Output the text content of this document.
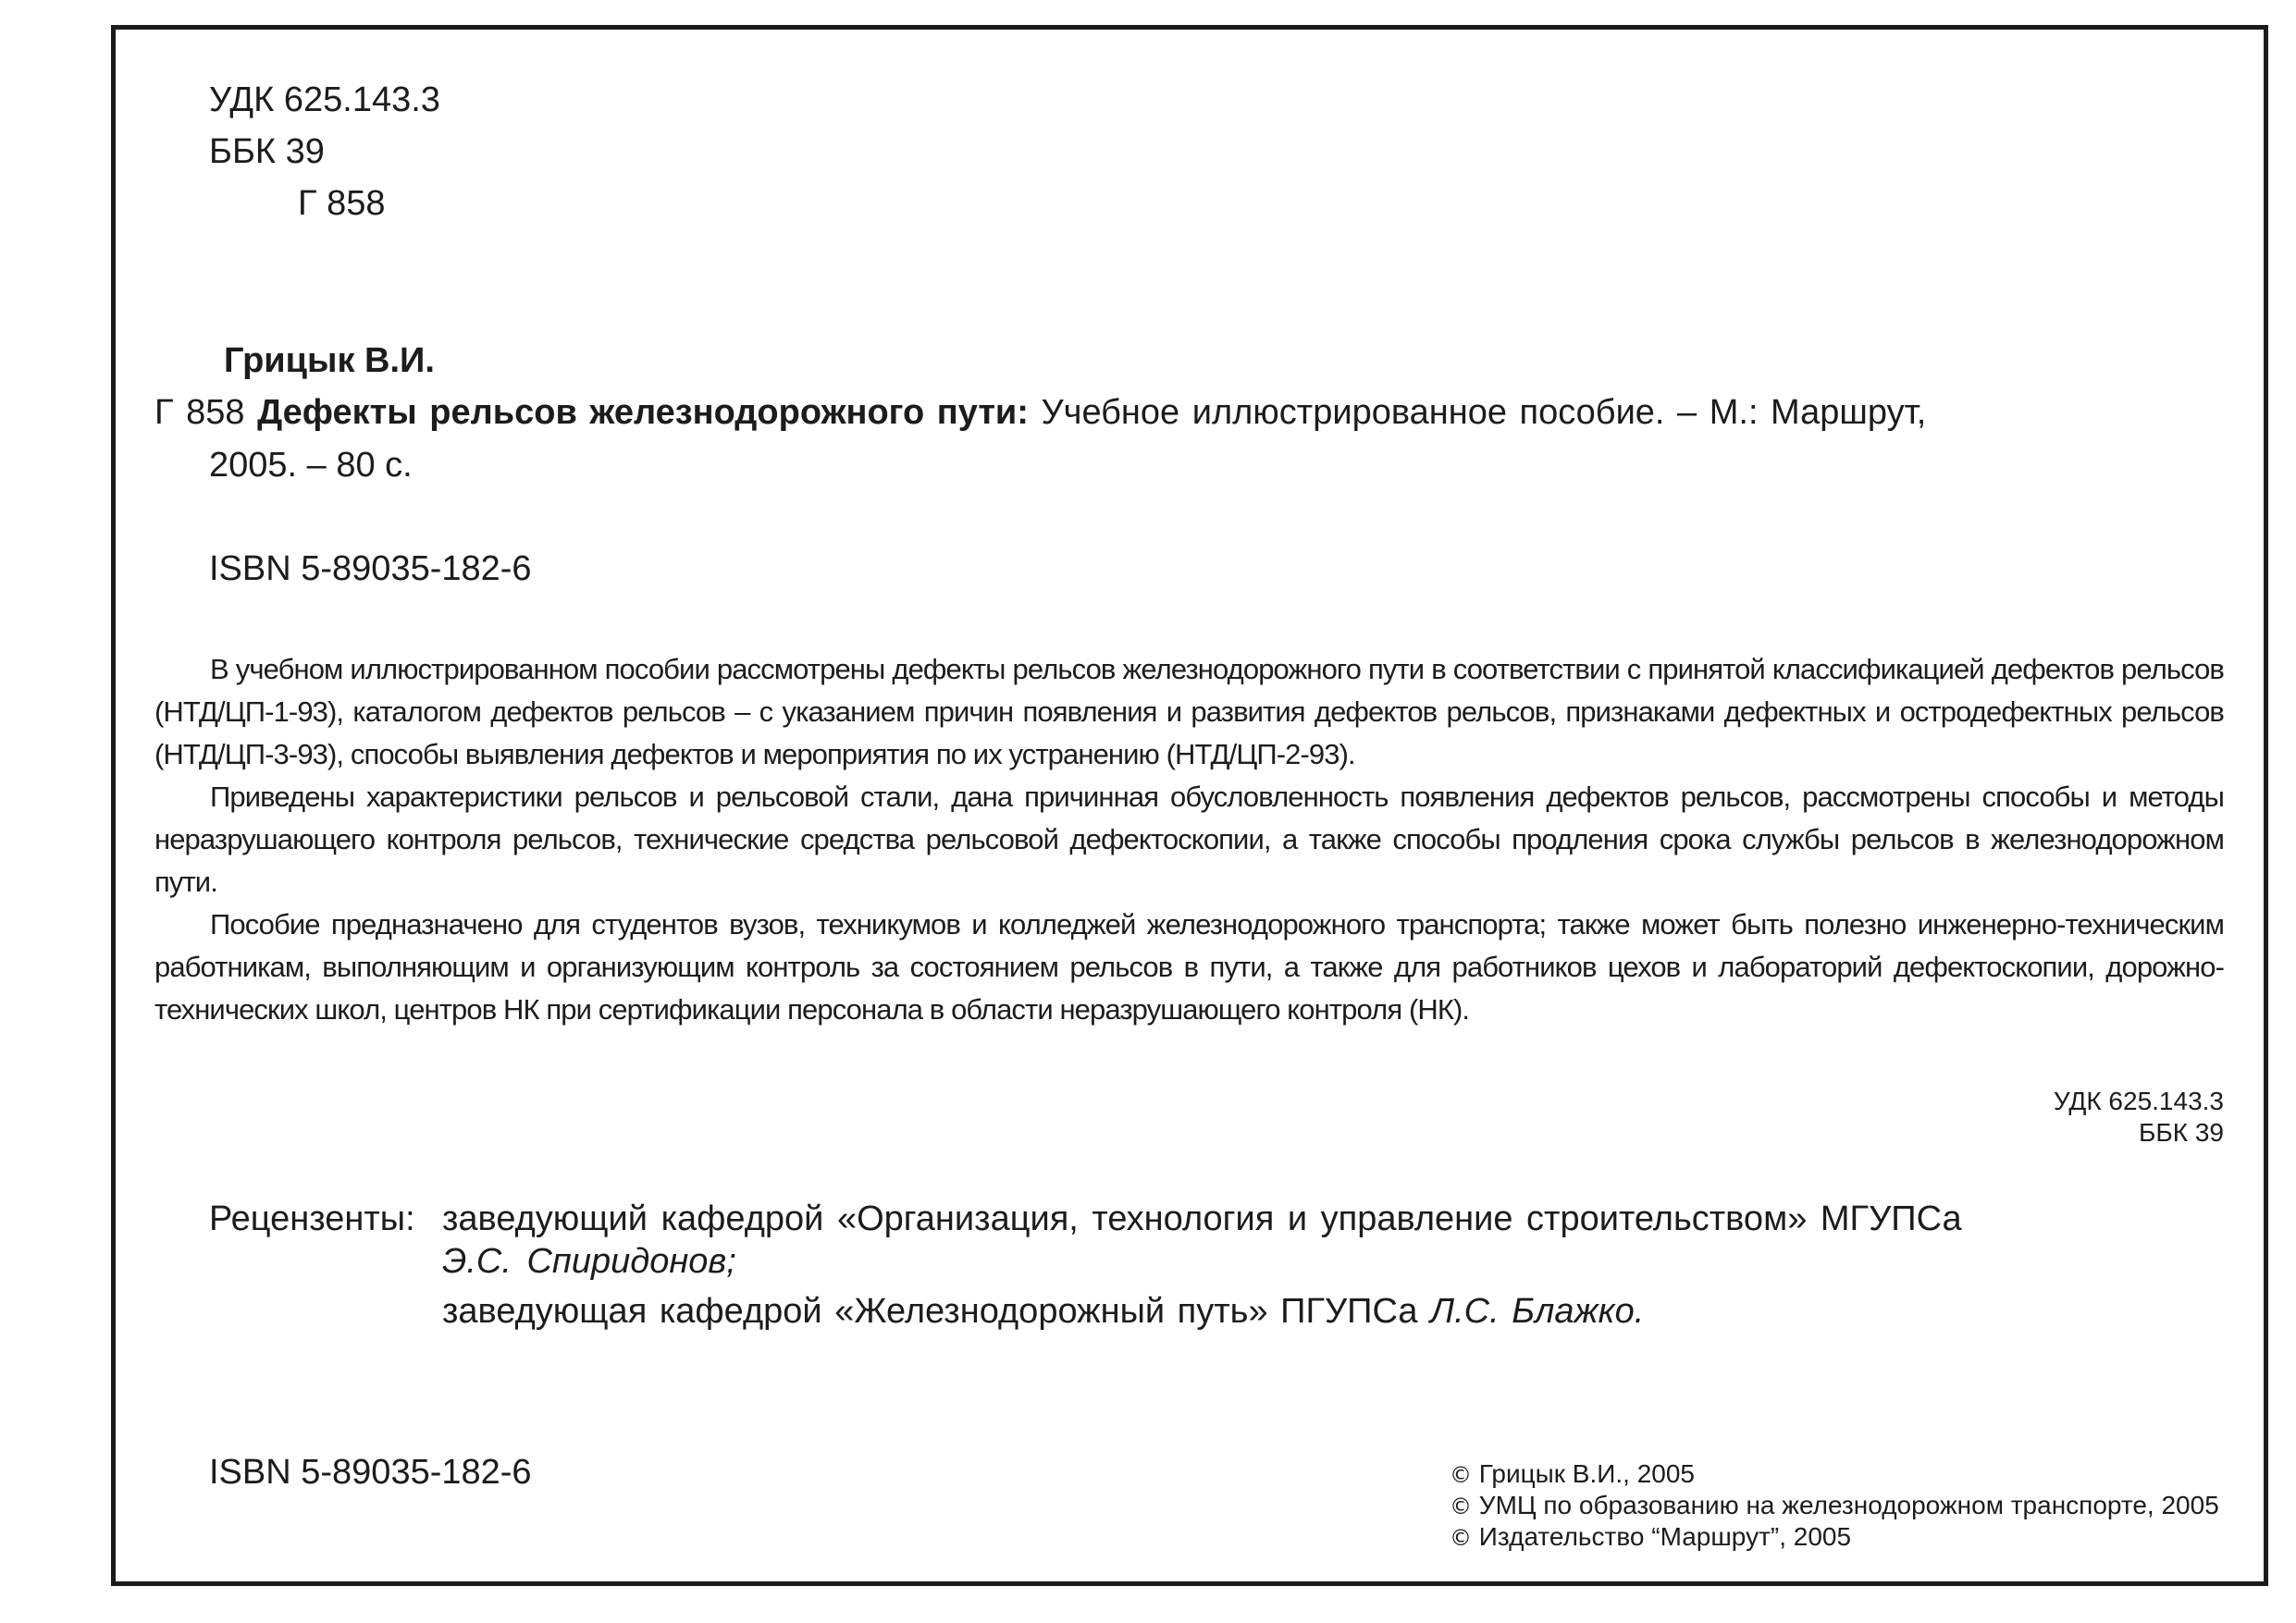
УДК 625.143.3
ББК 39
Г 858
Грицык В.И.
Г 858 Дефекты рельсов железнодорожного пути: Учебное иллюстрированное пособие. – М.: Маршрут,
2005. – 80 с.
ISBN 5-89035-182-6

В учебном иллюстрированном пособии рассмотрены дефекты рельсов железнодорожного пути в соответствии с принятой классификацией дефектов рельсов (НТД/ЦП-1-93), каталогом дефектов рельсов – с указанием причин появления и развития дефектов рельсов, признаками дефектных и остродефектных рельсов (НТД/ЦП-3-93), способы выявления дефектов и мероприятия по их устранению (НТД/ЦП-2-93).

Приведены характеристики рельсов и рельсовой стали, дана причинная обусловленность появления дефектов рельсов, рассмотрены способы и методы неразрушающего контроля рельсов, технические средства рельсовой дефектоскопии, а также способы продления срока службы рельсов в железнодорожном пути.

Пособие предназначено для студентов вузов, техникумов и колледжей железнодорожного транспорта; также может быть полезно инженерно-техническим работникам, выполняющим и организующим контроль за состоянием рельсов в пути, а также для работников цехов и лабораторий дефектоскопии, дорожно-технических школ, центров НК при сертификации персонала в области неразрушающего контроля (НК).

УДК 625.143.3
ББК 39
Рецензенты: заведующий кафедрой «Организация, технология и управление строительством» МГУПСа
Э.С. Спиридонов;
заведующая кафедрой «Железнодорожный путь» ПГУПСа Л.С. Блажко.
ISBN 5-89035-182-6	© Грицык В.И., 2005
© УМЦ по образованию на железнодорожном транспорте, 2005
© Издательство “Маршрут”, 2005
